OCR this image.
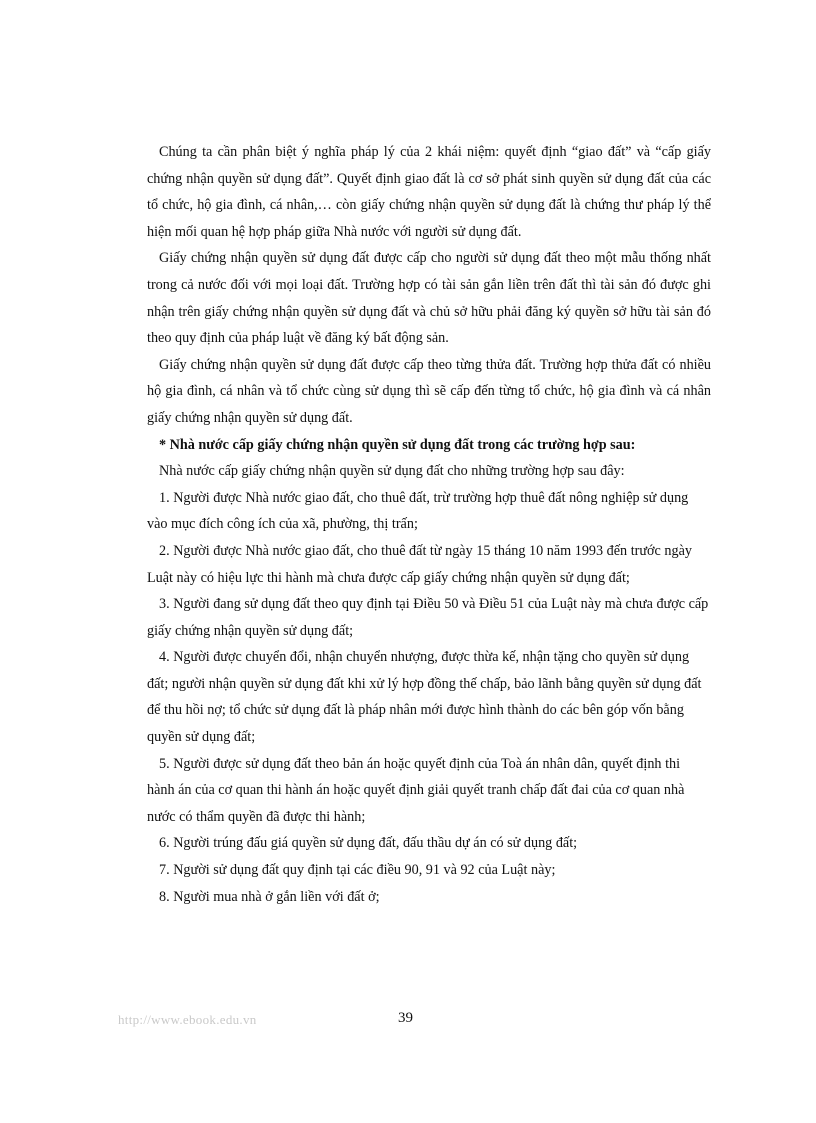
Chúng ta cần phân biệt ý nghĩa pháp lý của 2 khái niệm: quyết định “giao đất” và “cấp giấy chứng nhận quyền sử dụng đất”. Quyết định giao đất là cơ sở phát sinh quyền sử dụng đất của các tổ chức, hộ gia đình, cá nhân,… còn giấy chứng nhận quyền sử dụng đất là chứng thư pháp lý thể hiện mối quan hệ hợp pháp giữa Nhà nước với người sử dụng đất.

Giấy chứng nhận quyền sử dụng đất được cấp cho người sử dụng đất theo một mẫu thống nhất trong cả nước đối với mọi loại đất. Trường hợp có tài sản gắn liền trên đất thì tài sản đó được ghi nhận trên giấy chứng nhận quyền sử dụng đất và chủ sở hữu phải đăng ký quyền sở hữu tài sản đó theo quy định của pháp luật về đăng ký bất động sản.

Giấy chứng nhận quyền sử dụng đất được cấp theo từng thửa đất. Trường hợp thửa đất có nhiều hộ gia đình, cá nhân và tổ chức cùng sử dụng thì sẽ cấp đến từng tổ chức, hộ gia đình và cá nhân giấy chứng nhận quyền sử dụng đất.

* Nhà nước cấp giấy chứng nhận quyền sử dụng đất trong các trường hợp sau:

Nhà nước cấp giấy chứng nhận quyền sử dụng đất cho những trường hợp sau đây:

1. Người được Nhà nước giao đất, cho thuê đất, trừ trường hợp thuê đất nông nghiệp sử dụng vào mục đích công ích của xã, phường, thị trấn;

2. Người được Nhà nước giao đất, cho thuê đất từ ngày 15 tháng 10 năm 1993 đến trước ngày Luật này có hiệu lực thi hành mà chưa được cấp giấy chứng nhận quyền sử dụng đất;

3. Người đang sử dụng đất theo quy định tại Điều 50 và Điều 51 của Luật này mà chưa được cấp giấy chứng nhận quyền sử dụng đất;

4. Người được chuyển đổi, nhận chuyển nhượng, được thừa kế, nhận tặng cho quyền sử dụng đất; người nhận quyền sử dụng đất khi xử lý hợp đồng thế chấp, bảo lãnh bằng quyền sử dụng đất để thu hồi nợ; tổ chức sử dụng đất là pháp nhân mới được hình thành do các bên góp vốn bằng quyền sử dụng đất;

5. Người được sử dụng đất theo bản án hoặc quyết định của Toà án nhân dân, quyết định thi hành án của cơ quan thi hành án hoặc quyết định giải quyết tranh chấp đất đai của cơ quan nhà nước có thẩm quyền đã được thi hành;

6. Người trúng đấu giá quyền sử dụng đất, đấu thầu dự án có sử dụng đất;

7. Người sử dụng đất quy định tại các điều 90, 91 và 92 của Luật này;

8. Người mua nhà ở gắn liền với đất ở;

http://www.ebook.edu.vn	39
